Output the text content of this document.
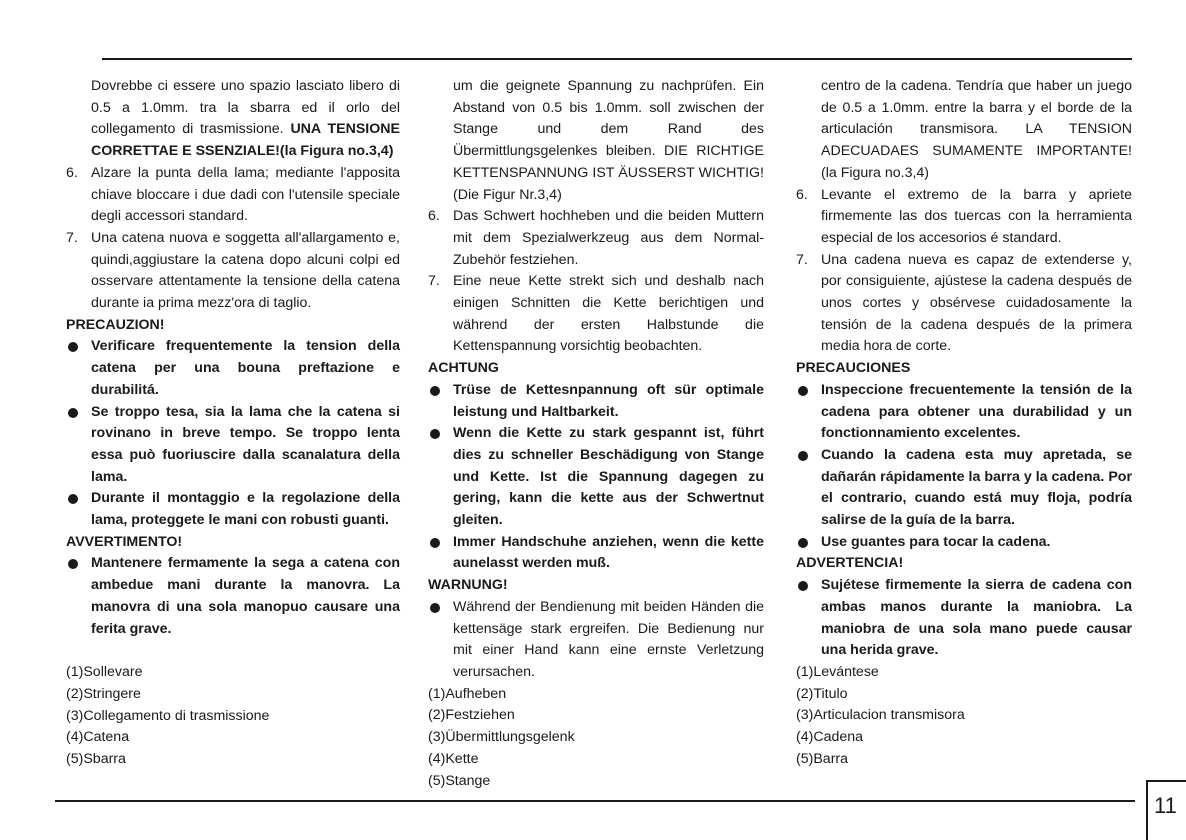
Dovrebbe ci essere uno spazio lasciato libero di 0.5 a 1.0mm. tra la sbarra ed il orlo del collegamento di trasmissione. UNA TENSIONE CORRETTAE E SSENZIALE!(la Figura no.3,4)

6. Alzare la punta della lama; mediante l'apposita chiave bloccare i due dadi con l'utensile speciale degli accessori standard.
7. Una catena nuova e soggetta all'allargamento e, quindi,aggiustare la catena dopo alcuni colpi ed osservare attentamente la tensione della catena durante ia prima mezz'ora di taglio.
PRECAUZION!
Verificare frequentemente la tension della catena per una bouna preftazione e durabilitá.
Se troppo tesa, sia la lama che la catena si rovinano in breve tempo. Se troppo lenta essa può fuoriuscire dalla scanalatura della lama.
Durante il montaggio e la regolazione della lama, proteggete le mani con robusti guanti.
AVVERTIMENTO!
Mantenere fermamente la sega a catena con ambedue mani durante la manovra. La manovra di una sola manopuo causare una ferita grave.
(1)Sollevare
(2)Stringere
(3)Collegamento di trasmissione
(4)Catena
(5)Sbarra

um die geignete Spannung zu nachprüfen. Ein Abstand von 0.5 bis 1.0mm. soll zwischen der Stange und dem Rand des Übermittlungsgelenkes bleiben. DIE RICHTIGE KETTENSPANNUNG IST ÄUSSERST WICHTIG!(Die Figur Nr.3,4)

6. Das Schwert hochheben und die beiden Muttern mit dem Spezialwerkzeug aus dem Normal-Zubehör festziehen.
7. Eine neue Kette strekt sich und deshalb nach einigen Schnitten die Kette berichtigen und während der ersten Halbstunde die Kettenspannung vorsichtig beobachten.
ACHTUNG
Trüse de Kettesnpannung oft sür optimale leistung und Haltbarkeit.
Wenn die Kette zu stark gespannt ist, führt dies zu schneller Beschädigung von Stange und Kette. Ist die Spannung dagegen zu gering, kann die kette aus der Schwertnut gleiten.
Immer Handschuhe anziehen, wenn die kette aunelasst werden muß.
WARNUNG!
Während der Bendienung mit beiden Händen die kettensäge stark ergreifen. Die Bedienung nur mit einer Hand kann eine ernste Verletzung verursachen.
(1)Aufheben
(2)Festziehen
(3)Übermittlungsgelenk
(4)Kette
(5)Stange

centro de la cadena. Tendría que haber un juego de 0.5 a 1.0mm. entre la barra y el borde de la articulación transmisora. LA TENSION ADECUADAES SUMAMENTE IMPORTANTE! (la Figura no.3,4)

6. Levante el extremo de la barra y apriete firmemente las dos tuercas con la herramienta especial de los accesorios é standard.
7. Una cadena nueva es capaz de extenderse y, por consiguiente, ajústese la cadena después de unos cortes y obsérvese cuidadosamente la tensión de la cadena después de la primera media hora de corte.
PRECAUCIONES
Inspeccione frecuentemente la tensión de la cadena para obtener una durabilidad y un fonctionnamiento excelentes.
Cuando la cadena esta muy apretada, se dañarán rápidamente la barra y la cadena. Por el contrario, cuando está muy floja, podría salirse de la guía de la barra.
Use guantes para tocar la cadena.
ADVERTENCIA!
Sujétese firmemente la sierra de cadena con ambas manos durante la maniobra. La maniobra de una sola mano puede causar una herida grave.
(1)Levántese
(2)Titulo
(3)Articulacion transmisora
(4)Cadena
(5)Barra
11
